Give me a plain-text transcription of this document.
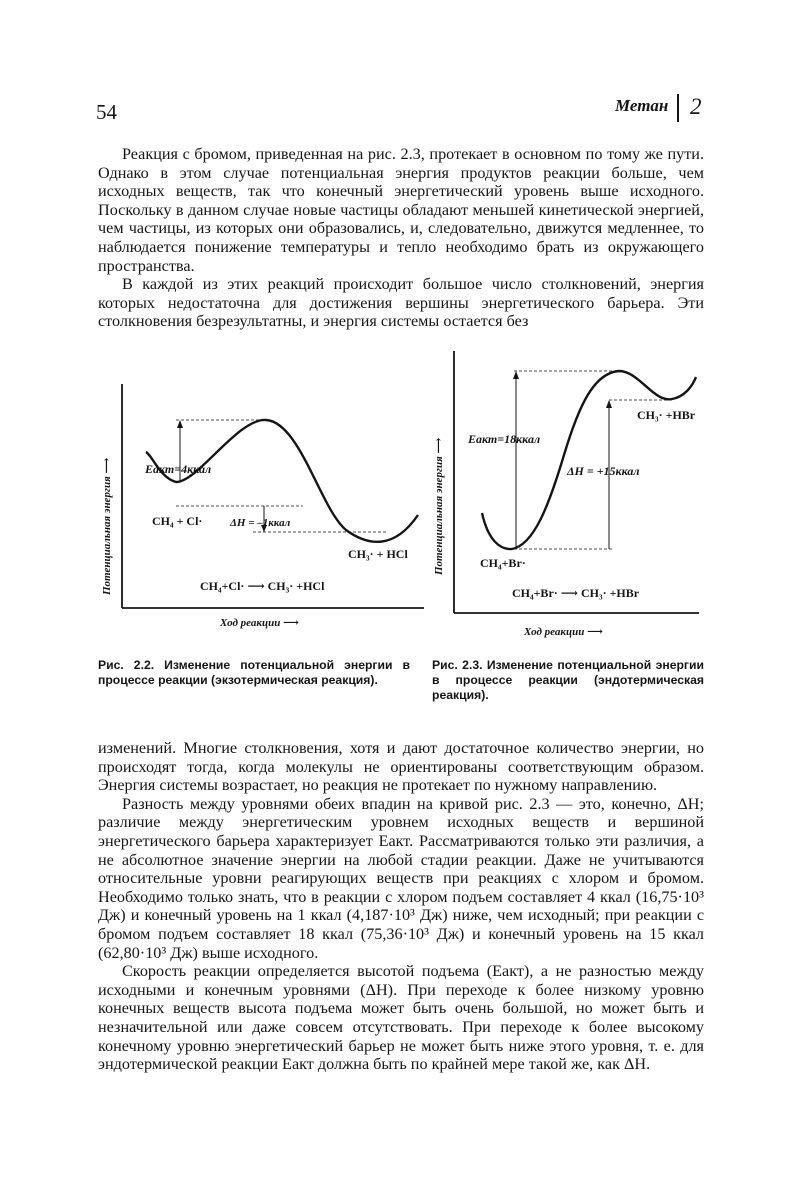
54	Метан 2

Реакция с бромом, приведенная на рис. 2.3, протекает в основном по тому же пути. Однако в этом случае потенциальная энергия продуктов реакции больше, чем исходных веществ, так что конечный энергетический уровень выше исходного. Поскольку в данном случае новые частицы обладают меньшей кинетической энергией, чем частицы, из которых они образовались, и, следовательно, движутся медленнее, то наблюдается понижение температуры и тепло необходимо брать из окружающего пространства.

В каждой из этих реакций происходит большое число столкновений, энергия которых недостаточна для достижения вершины энергетического барьера. Эти столкновения безрезультатны, и энергия системы остается без

Eакт=4ккал
ΔH = –1ккал
CH₄ + Cl·
CH₃· + HCl
CH₄+Cl· ⟶ CH₃· +HCl
Ход реакции ⟶
Потенциальная энергия ⟶
Eакт=18ккал
ΔH = +15ккал
CH₄+Br·
CH₃· +HBr
CH₄+Br· ⟶ CH₃· +HBr
Ход реакции ⟶
Потенциальная энергия ⟶

Рис. 2.2. Изменение потенциальной энергии в процессе реакции (экзотермическая реакция).

Рис. 2.3. Изменение потенциальной энергии в процессе реакции (эндотермическая реакция).

изменений. Многие столкновения, хотя и дают достаточное количество энергии, но происходят тогда, когда молекулы не ориентированы соответствующим образом. Энергия системы возрастает, но реакция не протекает по нужному направлению.

Разность между уровнями обеих впадин на кривой рис. 2.3 — это, конечно, ΔH; различие между энергетическим уровнем исходных веществ и вершиной энергетического барьера характеризует Eакт. Рассматриваются только эти различия, а не абсолютное значение энергии на любой стадии реакции. Даже не учитываются относительные уровни реагирующих веществ при реакциях с хлором и бромом. Необходимо только знать, что в реакции с хлором подъем составляет 4 ккал (16,75·10³ Дж) и конечный уровень на 1 ккал (4,187·10³ Дж) ниже, чем исходный; при реакции с бромом подъем составляет 18 ккал (75,36·10³ Дж) и конечный уровень на 15 ккал (62,80·10³ Дж) выше исходного.

Скорость реакции определяется высотой подъема (Eакт), а не разностью между исходными и конечным уровнями (ΔH). При переходе к более низкому уровню конечных веществ высота подъема может быть очень большой, но может быть и незначительной или даже совсем отсутствовать. При переходе к более высокому конечному уровню энергетический барьер не может быть ниже этого уровня, т. е. для эндотермической реакции Eакт должна быть по крайней мере такой же, как ΔH.
